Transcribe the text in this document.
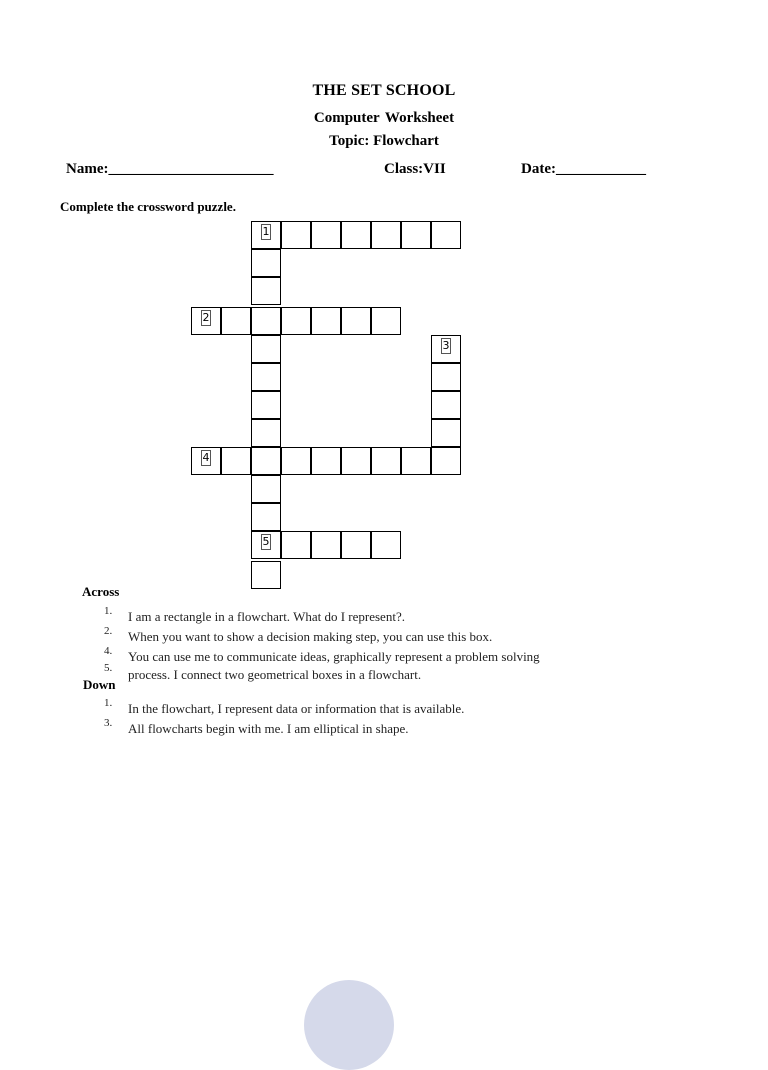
THE SET SCHOOL
Computer Worksheet
Topic: Flowchart
Name:______________________	Class:VII	Date:____________
Complete the crossword puzzle.
1
2
3
4
5
Across
1. I am a rectangle in a flowchart. What do I represent?.
2. When you want to show a decision making step, you can use this box.
4. You can use me to communicate ideas, graphically represent a problem solving
5. process. I connect two geometrical boxes in a flowchart.
Down
1. In the flowchart, I represent data or information that is available.
3. All flowcharts begin with me. I am elliptical in shape.
